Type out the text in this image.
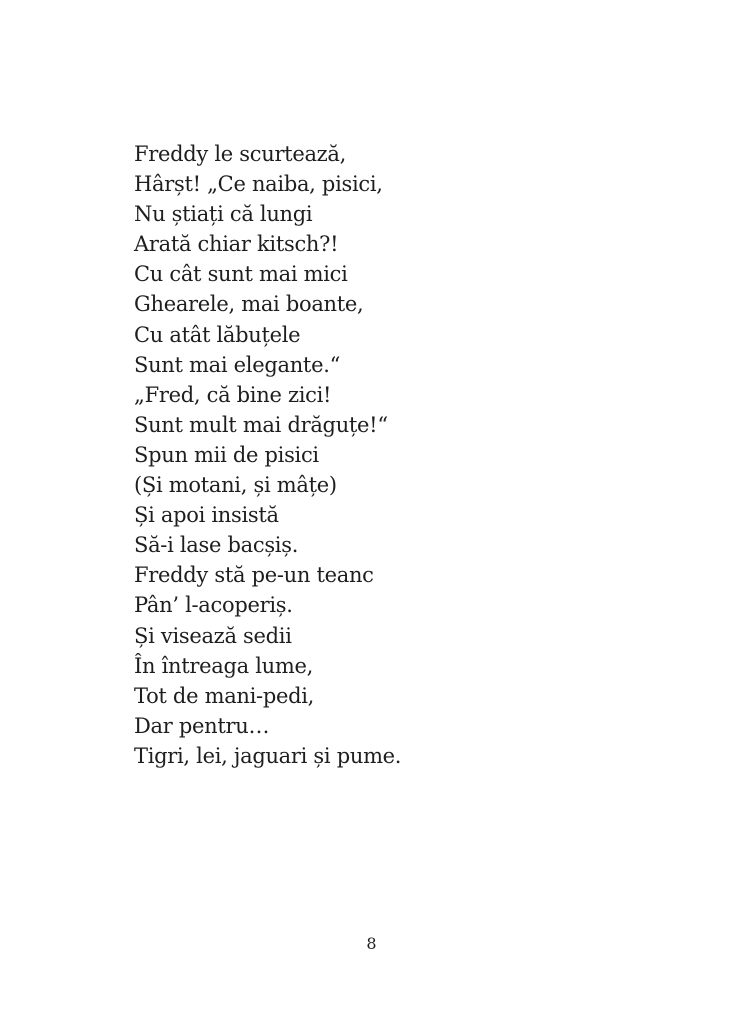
Freddy le scurtează,
Hârșt! „Ce naiba, pisici,
Nu știați că lungi
Arată chiar kitsch?!
Cu cât sunt mai mici
Ghearele, mai boante,
Cu atât lăbuțele
Sunt mai elegante.“
„Fred, că bine zici!
Sunt mult mai drăguțe!“
Spun mii de pisici
(Și motani, și mâțe)
Și apoi insistă
Să-i lase bacșiș.
Freddy stă pe-un teanc
Pân’ l-acoperiș.
Și visează sedii
În întreaga lume,
Tot de mani-pedi,
Dar pentru…
Tigri, lei, jaguari și pume.
8
